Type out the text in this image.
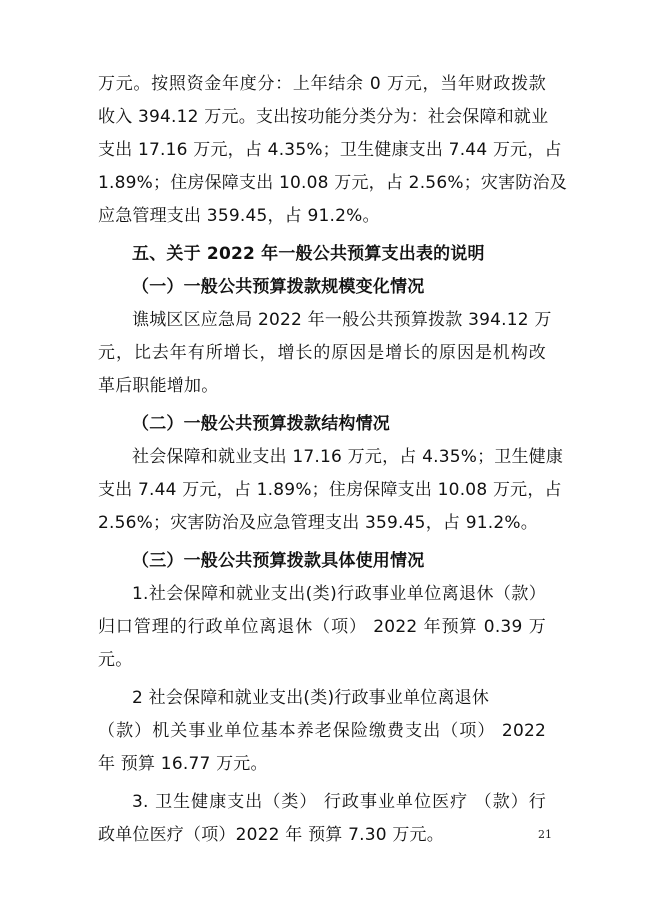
万元。按照资金年度分：上年结余 0 万元，当年财政拨款
收入 394.12 万元。支出按功能分类分为：社会保障和就业
支出 17.16 万元，占 4.35%；卫生健康支出 7.44 万元，占
1.89%；住房保障支出 10.08 万元，占 2.56%；灾害防治及
应急管理支出 359.45，占 91.2%。
五、关于 2022 年一般公共预算支出表的说明
（一）一般公共预算拨款规模变化情况
谯城区区应急局 2022 年一般公共预算拨款 394.12 万
元，比去年有所增长，增长的原因是增长的原因是机构改
革后职能增加。
（二）一般公共预算拨款结构情况
社会保障和就业支出 17.16 万元，占 4.35%；卫生健康
支出 7.44 万元，占 1.89%；住房保障支出 10.08 万元，占
2.56%；灾害防治及应急管理支出 359.45，占 91.2%。
（三）一般公共预算拨款具体使用情况
1.社会保障和就业支出(类)行政事业单位离退休（款）
归口管理的行政单位离退休（项） 2022 年预算 0.39 万
元。
2 社会保障和就业支出(类)行政事业单位离退休
（款）机关事业单位基本养老保险缴费支出（项） 2022
年 预算 16.77 万元。
3. 卫生健康支出（类） 行政事业单位医疗 （款）行
政单位医疗（项）2022 年 预算 7.30 万元。	21
